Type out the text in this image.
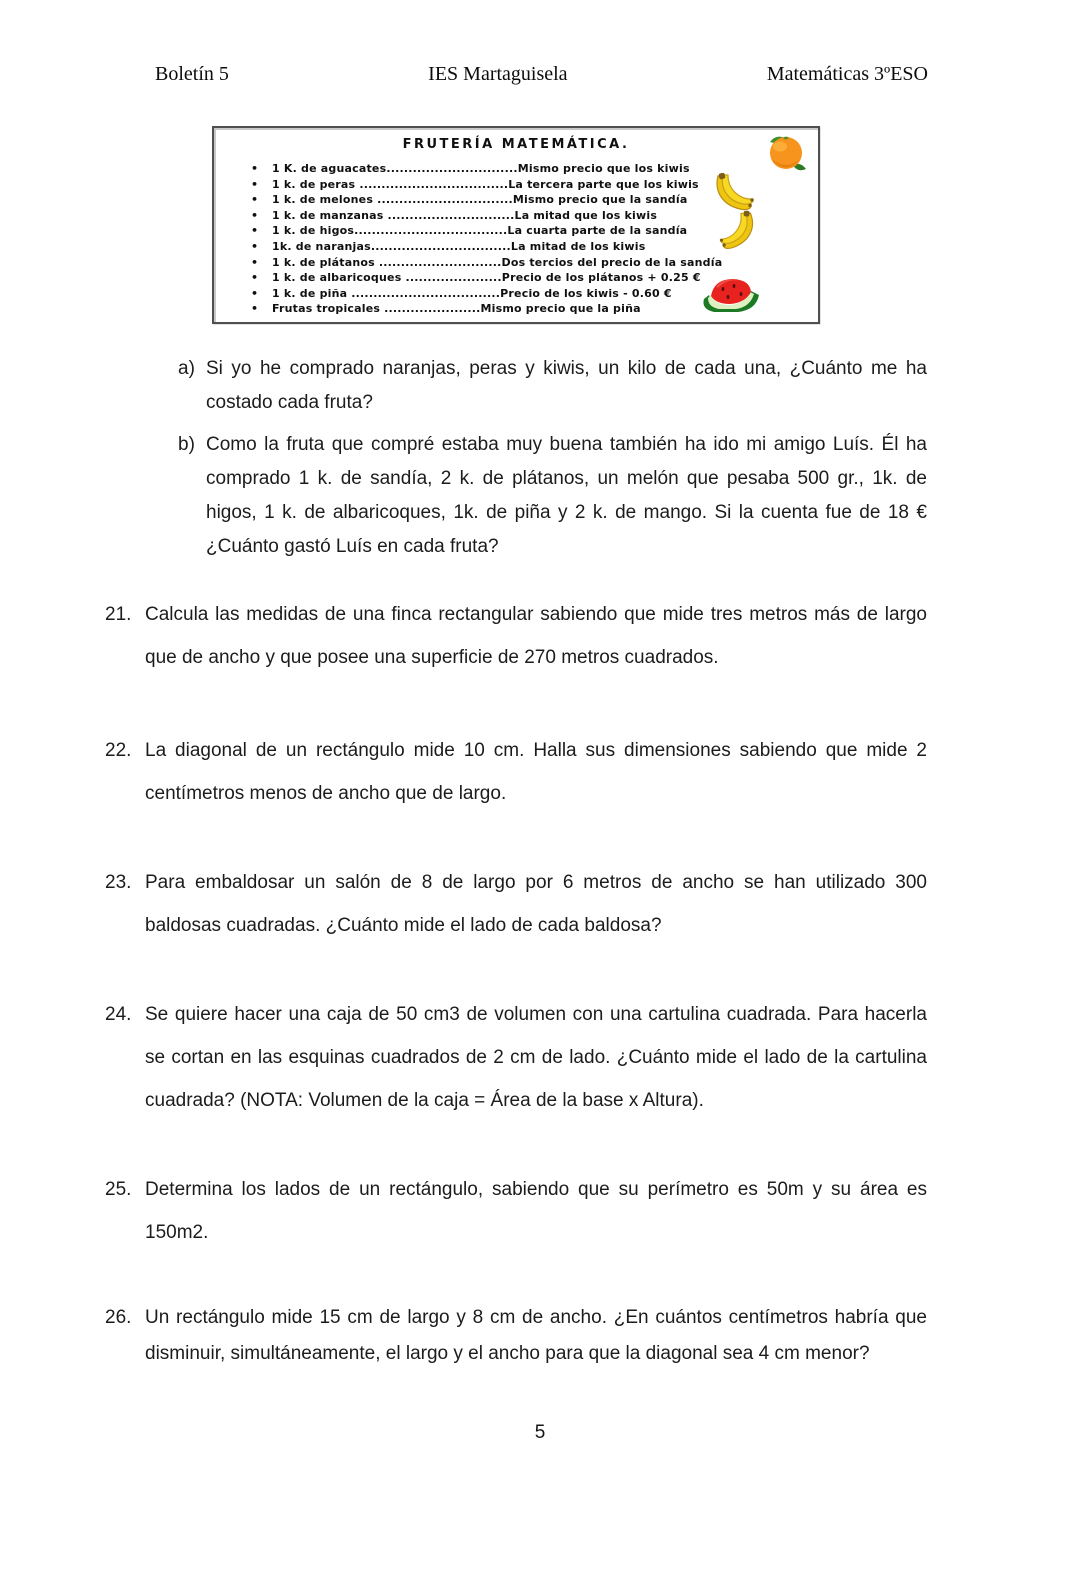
Boletín 5	IES Martaguisela	Matemáticas 3ºESO
FRUTERÍA MATEMÁTICA.
• 1 K. de aguacates..............................Mismo precio que los kiwis
• 1 k. de peras ..................................La tercera parte que los kiwis
• 1 k. de melones ...............................Mismo precio que la sandía
• 1 k. de manzanas .............................La mitad que los kiwis
• 1 k. de higos...................................La cuarta parte de la sandía
• 1k. de naranjas................................La mitad de los kiwis
• 1 k. de plátanos ............................Dos tercios del precio de la sandía
• 1 k. de albaricoques ......................Precio de los plátanos + 0.25 €
• 1 k. de piña ..................................Precio de los kiwis - 0.60 €
• Frutas tropicales ......................Mismo precio que la piña
a) Si yo he comprado naranjas, peras y kiwis, un kilo de cada una, ¿Cuánto me ha costado cada fruta?
b) Como la fruta que compré estaba muy buena también ha ido mi amigo Luís. Él ha comprado 1 k. de sandía, 2 k. de plátanos, un melón que pesaba 500 gr., 1k. de higos, 1 k. de albaricoques, 1k. de piña y 2 k. de mango. Si la cuenta fue de 18 € ¿Cuánto gastó Luís en cada fruta?
21. Calcula las medidas de una finca rectangular sabiendo que mide tres metros más de largo que de ancho y que posee una superficie de 270 metros cuadrados.
22. La diagonal de un rectángulo mide 10 cm. Halla sus dimensiones sabiendo que mide 2 centímetros menos de ancho que de largo.
23. Para embaldosar un salón de 8 de largo por 6 metros de ancho se han utilizado 300 baldosas cuadradas. ¿Cuánto mide el lado de cada baldosa?
24. Se quiere hacer una caja de 50 cm3 de volumen con una cartulina cuadrada. Para hacerla se cortan en las esquinas cuadrados de 2 cm de lado. ¿Cuánto mide el lado de la cartulina cuadrada? (NOTA: Volumen de la caja = Área de la base x Altura).
25. Determina los lados de un rectángulo, sabiendo que su perímetro es 50m y su área es 150m2.
26. Un rectángulo mide 15 cm de largo y 8 cm de ancho. ¿En cuántos centímetros habría que disminuir, simultáneamente, el largo y el ancho para que la diagonal sea 4 cm menor?
5
